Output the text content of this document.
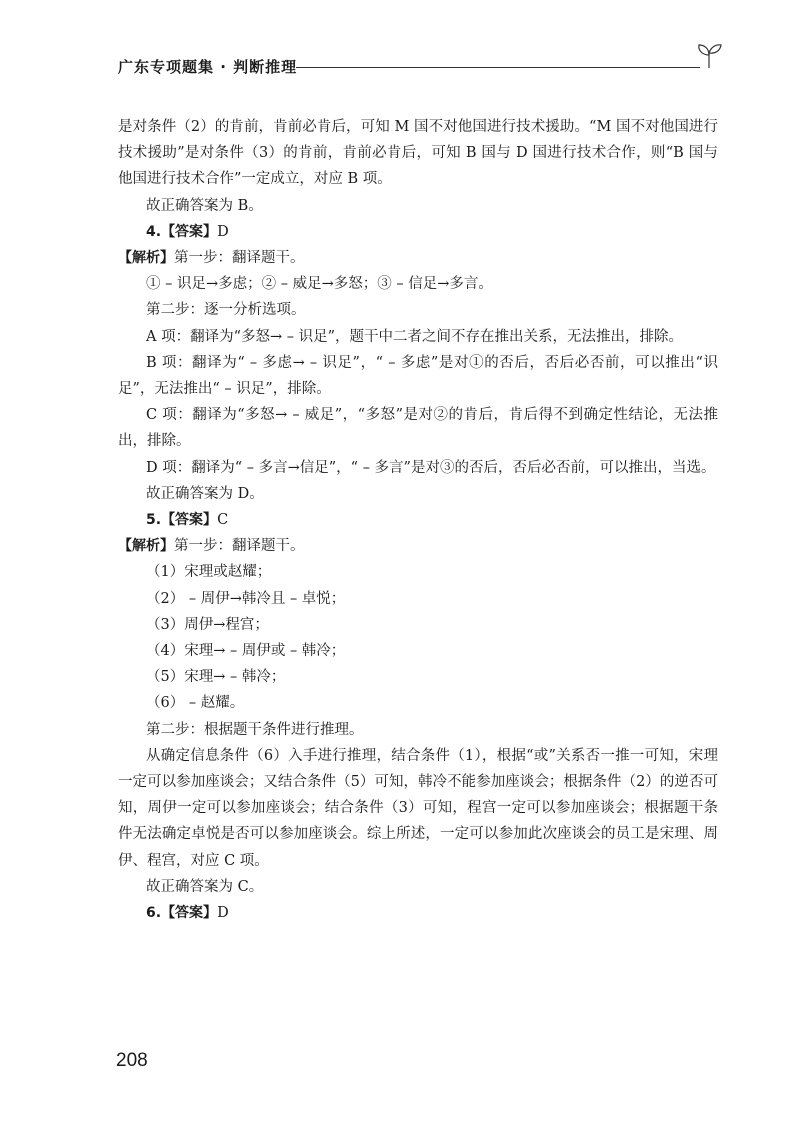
广东专项题集 · 判断推理

是对条件（2）的肯前，肯前必肯后，可知 M 国不对他国进行技术援助。“M 国不对他国进行技术援助”是对条件（3）的肯前，肯前必肯后，可知 B 国与 D 国进行技术合作，则“B 国与他国进行技术合作”一定成立，对应 B 项。

故正确答案为 B。

4.【答案】D

【解析】第一步：翻译题干。

① – 识足→多虑；② – 威足→多怒；③ – 信足→多言。

第二步：逐一分析选项。

A 项：翻译为“多怒→ – 识足”，题干中二者之间不存在推出关系，无法推出，排除。

B 项：翻译为“ – 多虑→ – 识足”，“ – 多虑”是对①的否后，否后必否前，可以推出“识足”，无法推出“ – 识足”，排除。

C 项：翻译为“多怒→ – 威足”，“多怒”是对②的肯后，肯后得不到确定性结论，无法推出，排除。

D 项：翻译为“ – 多言→信足”，“ – 多言”是对③的否后，否后必否前，可以推出，当选。

故正确答案为 D。

5.【答案】C

【解析】第一步：翻译题干。

（1）宋理或赵耀；

（2） – 周伊→韩冷且 – 卓悦；

（3）周伊→程宫；

（4）宋理→ – 周伊或 – 韩冷；

（5）宋理→ – 韩冷；

（6） – 赵耀。

第二步：根据题干条件进行推理。

从确定信息条件（6）入手进行推理，结合条件（1），根据“或”关系否一推一可知，宋理一定可以参加座谈会；又结合条件（5）可知，韩冷不能参加座谈会；根据条件（2）的逆否可知，周伊一定可以参加座谈会；结合条件（3）可知，程宫一定可以参加座谈会；根据题干条件无法确定卓悦是否可以参加座谈会。综上所述，一定可以参加此次座谈会的员工是宋理、周伊、程宫，对应 C 项。

故正确答案为 C。

6.【答案】D

208
